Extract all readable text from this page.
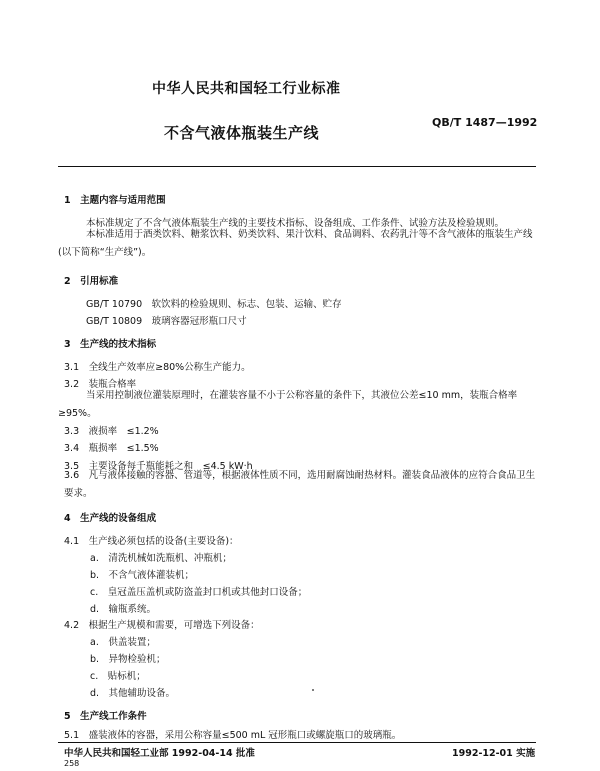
中华人民共和国轻工行业标准
QB/T 1487—1992
不含气液体瓶装生产线
1　主题内容与适用范围
本标准规定了不含气液体瓶装生产线的主要技术指标、设备组成、工作条件、试验方法及检验规则。
本标准适用于酒类饮料、糖浆饮料、奶类饮料、果汁饮料、食品调料、农药乳汁等不含气液体的瓶装生产线(以下简称“生产线”)。
2　引用标准
GB/T 10790　软饮料的检验规则、标志、包装、运输、贮存
GB/T 10809　玻璃容器冠形瓶口尺寸
3　生产线的技术指标
3.1　全线生产效率应≥80%公称生产能力。
3.2　装瓶合格率
当采用控制液位灌装原理时，在灌装容量不小于公称容量的条件下，其液位公差≤10 mm，装瓶合格率≥95%。
3.3　液损率　≤1.2%
3.4　瓶损率　≤1.5%
3.5　主要设备每千瓶能耗之和　≤4.5 kW·h
3.6　凡与液体接触的容器、管道等，根据液体性质不同，选用耐腐蚀耐热材料。灌装食品液体的应符合食品卫生要求。
4　生产线的设备组成
4.1　生产线必须包括的设备(主要设备)：
a.　清洗机械如洗瓶机、冲瓶机；
b.　不含气液体灌装机；
c.　皇冠盖压盖机或防盗盖封口机或其他封口设备；
d.　输瓶系统。
4.2　根据生产规模和需要，可增选下列设备：
a.　供盖装置；
b.　异物检验机；
c.　贴标机；
d.　其他辅助设备。
5　生产线工作条件
5.1　盛装液体的容器，采用公称容量≤500 mL 冠形瓶口或螺旋瓶口的玻璃瓶。
中华人民共和国轻工业部 1992-04-14 批准	1992-12-01 实施
258
